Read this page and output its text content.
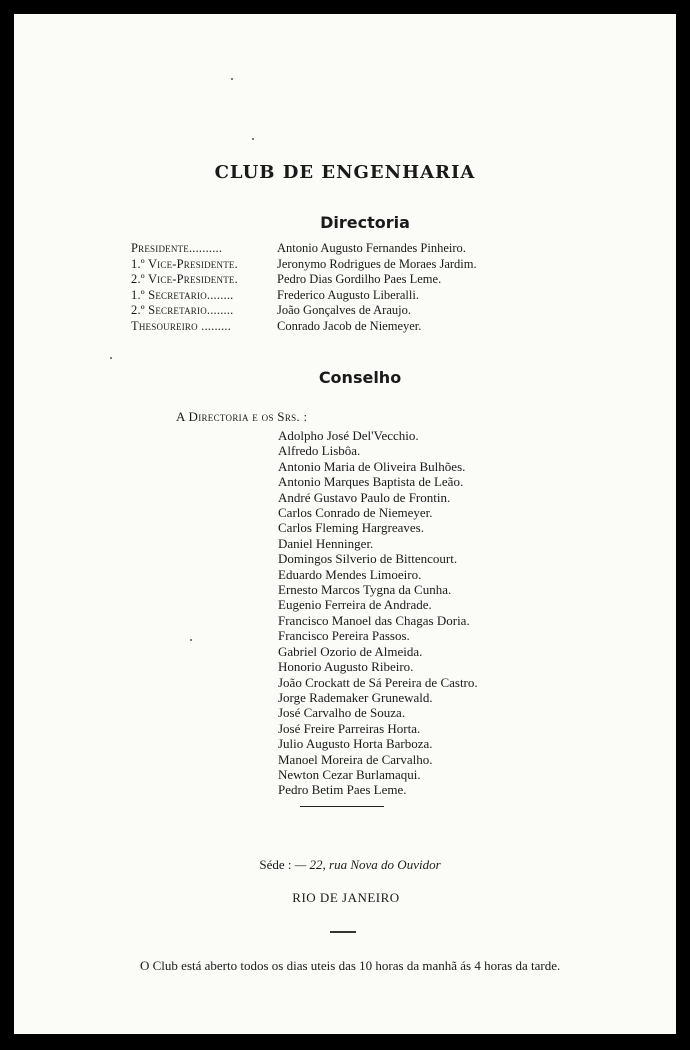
CLUB DE ENGENHARIA
Directoria
Presidente..........	Antonio Augusto Fernandes Pinheiro.
1.º Vice-Presidente.	Jeronymo Rodrigues de Moraes Jardim.
2.º Vice-Presidente.	Pedro Dias Gordilho Paes Leme.
1.º Secretario........	Frederico Augusto Liberalli.
2.º Secretario........	João Gonçalves de Araujo.
Thesoureiro .........	Conrado Jacob de Niemeyer.
Conselho
A Directoria e os Srs. :
Adolpho José Del'Vecchio.
Alfredo Lisbôa.
Antonio Maria de Oliveira Bulhões.
Antonio Marques Baptista de Leão.
André Gustavo Paulo de Frontin.
Carlos Conrado de Niemeyer.
Carlos Fleming Hargreaves.
Daniel Henninger.
Domingos Silverio de Bittencourt.
Eduardo Mendes Limoeiro.
Ernesto Marcos Tygna da Cunha.
Eugenio Ferreira de Andrade.
Francisco Manoel das Chagas Doria.
Francisco Pereira Passos.
Gabriel Ozorio de Almeida.
Honorio Augusto Ribeiro.
João Crockatt de Sá Pereira de Castro.
Jorge Rademaker Grunewald.
José Carvalho de Souza.
José Freire Parreiras Horta.
Julio Augusto Horta Barboza.
Manoel Moreira de Carvalho.
Newton Cezar Burlamaqui.
Pedro Betim Paes Leme.
Séde : — 22, rua Nova do Ouvidor
RIO DE JANEIRO
O Club está aberto todos os dias uteis das 10 horas da manhã ás 4 horas da tarde.
